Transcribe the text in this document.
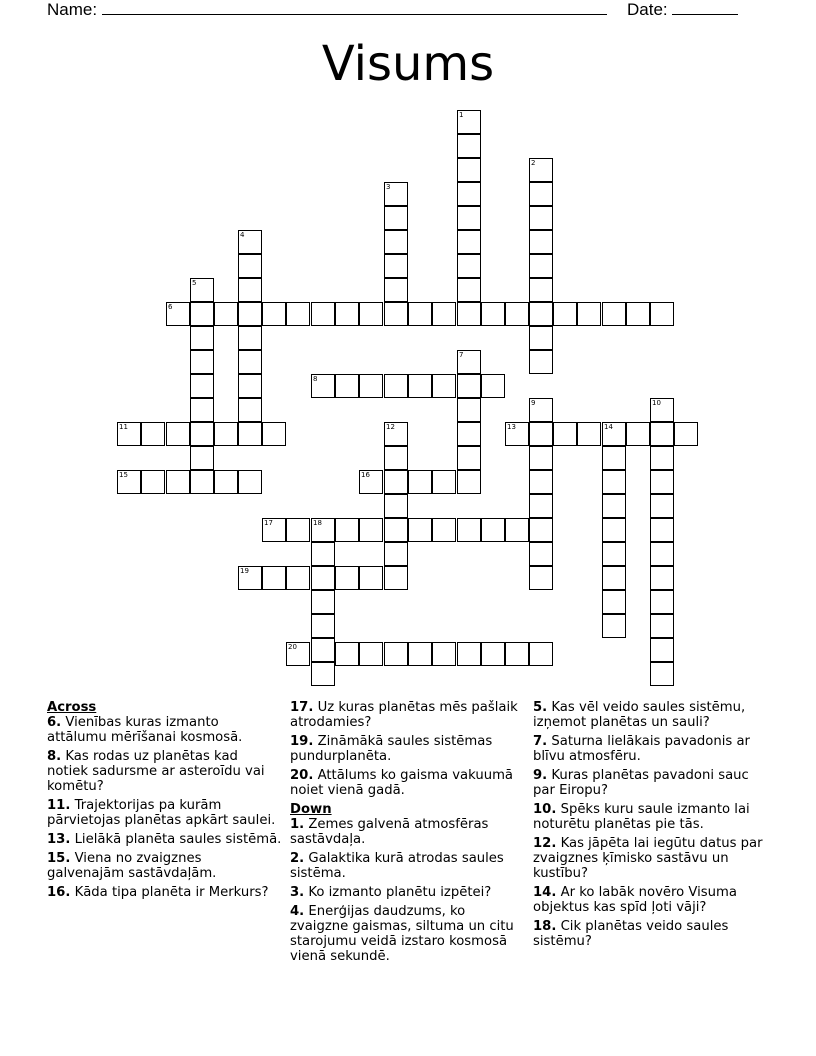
Name:	Date:
Visums
1
2
3
4
5
6
7
8
9	10
11	12	13	14
15	16
17	18
19
20
Across
6. Vienības kuras izmanto attālumu mērīšanai kosmosā.
8. Kas rodas uz planētas kad notiek sadursme ar asteroīdu vai komētu?
11. Trajektorijas pa kurām pārvietojas planētas apkārt saulei.
13. Lielākā planēta saules sistēmā.
15. Viena no zvaigznes galvenajām sastāvdaļām.
16. Kāda tipa planēta ir Merkurs?
17. Uz kuras planētas mēs pašlaik atrodamies?
19. Zināmākā saules sistēmas pundurplanēta.
20. Attālums ko gaisma vakuumā noiet vienā gadā.
Down
1. Zemes galvenā atmosfēras sastāvdaļa.
2. Galaktika kurā atrodas saules sistēma.
3. Ko izmanto planētu izpētei?
4. Enerģijas daudzums, ko zvaigzne gaismas, siltuma un citu starojumu veidā izstaro kosmosā vienā sekundē.
5. Kas vēl veido saules sistēmu, izņemot planētas un sauli?
7. Saturna lielākais pavadonis ar blīvu atmosfēru.
9. Kuras planētas pavadoni sauc par Eiropu?
10. Spēks kuru saule izmanto lai noturētu planētas pie tās.
12. Kas jāpēta lai iegūtu datus par zvaigznes ķīmisko sastāvu un kustību?
14. Ar ko labāk novēro Visuma objektus kas spīd ļoti vāji?
18. Cik planētas veido saules sistēmu?
